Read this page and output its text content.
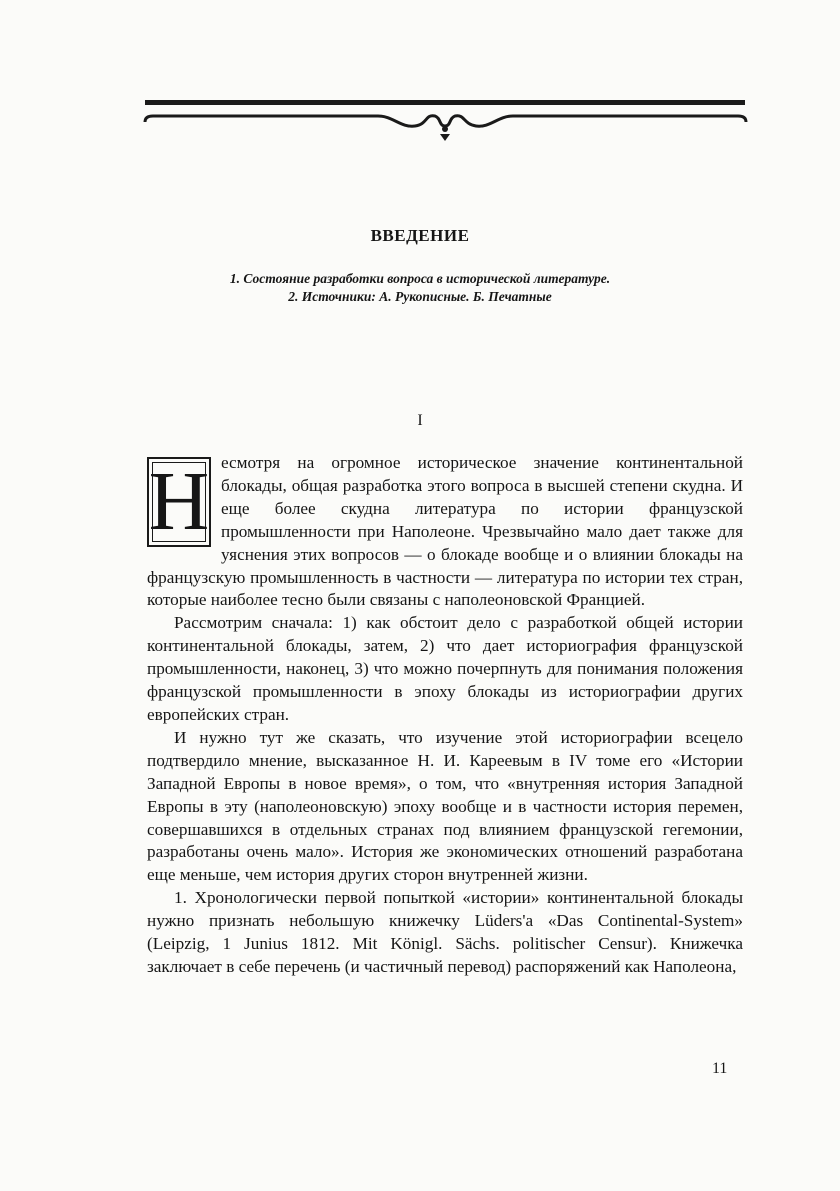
ВВЕДЕНИЕ
1. Состояние разработки вопроса в исторической литературе.
2. Источники: А. Рукописные. Б. Печатные
I

Н есмотря на огромное историческое значение континентальной блокады, общая разработка этого вопроса в высшей степени скудна. И еще более скудна литература по истории французской промышленности при Наполеоне. Чрезвычайно мало дает также для уяснения этих вопросов — о блокаде вообще и о влиянии блокады на французскую промышленность в частности — литература по истории тех стран, которые наиболее тесно были связаны с наполеоновской Францией.

Рассмотрим сначала: 1) как обстоит дело с разработкой общей истории континентальной блокады, затем, 2) что дает историография французской промышленности, наконец, 3) что можно почерпнуть для понимания положения французской промышленности в эпоху блокады из историографии других европейских стран.

И нужно тут же сказать, что изучение этой историографии всецело подтвердило мнение, высказанное Н. И. Кареевым в IV томе его «Истории Западной Европы в новое время», о том, что «внутренняя история Западной Европы в эту (наполеоновскую) эпоху вообще и в частности история перемен, совершавшихся в отдельных странах под влиянием французской гегемонии, разработаны очень мало». История же экономических отношений разработана еще меньше, чем история других сторон внутренней жизни.

1. Хронологически первой попыткой «истории» континентальной блокады нужно признать небольшую книжечку Lüders'а «Das Continental-System» (Leipzig, 1 Junius 1812. Mit Königl. Sächs. politischer Censur). Книжечка заключает в себе перечень (и частичный перевод) распоряжений как Наполеона,

11
